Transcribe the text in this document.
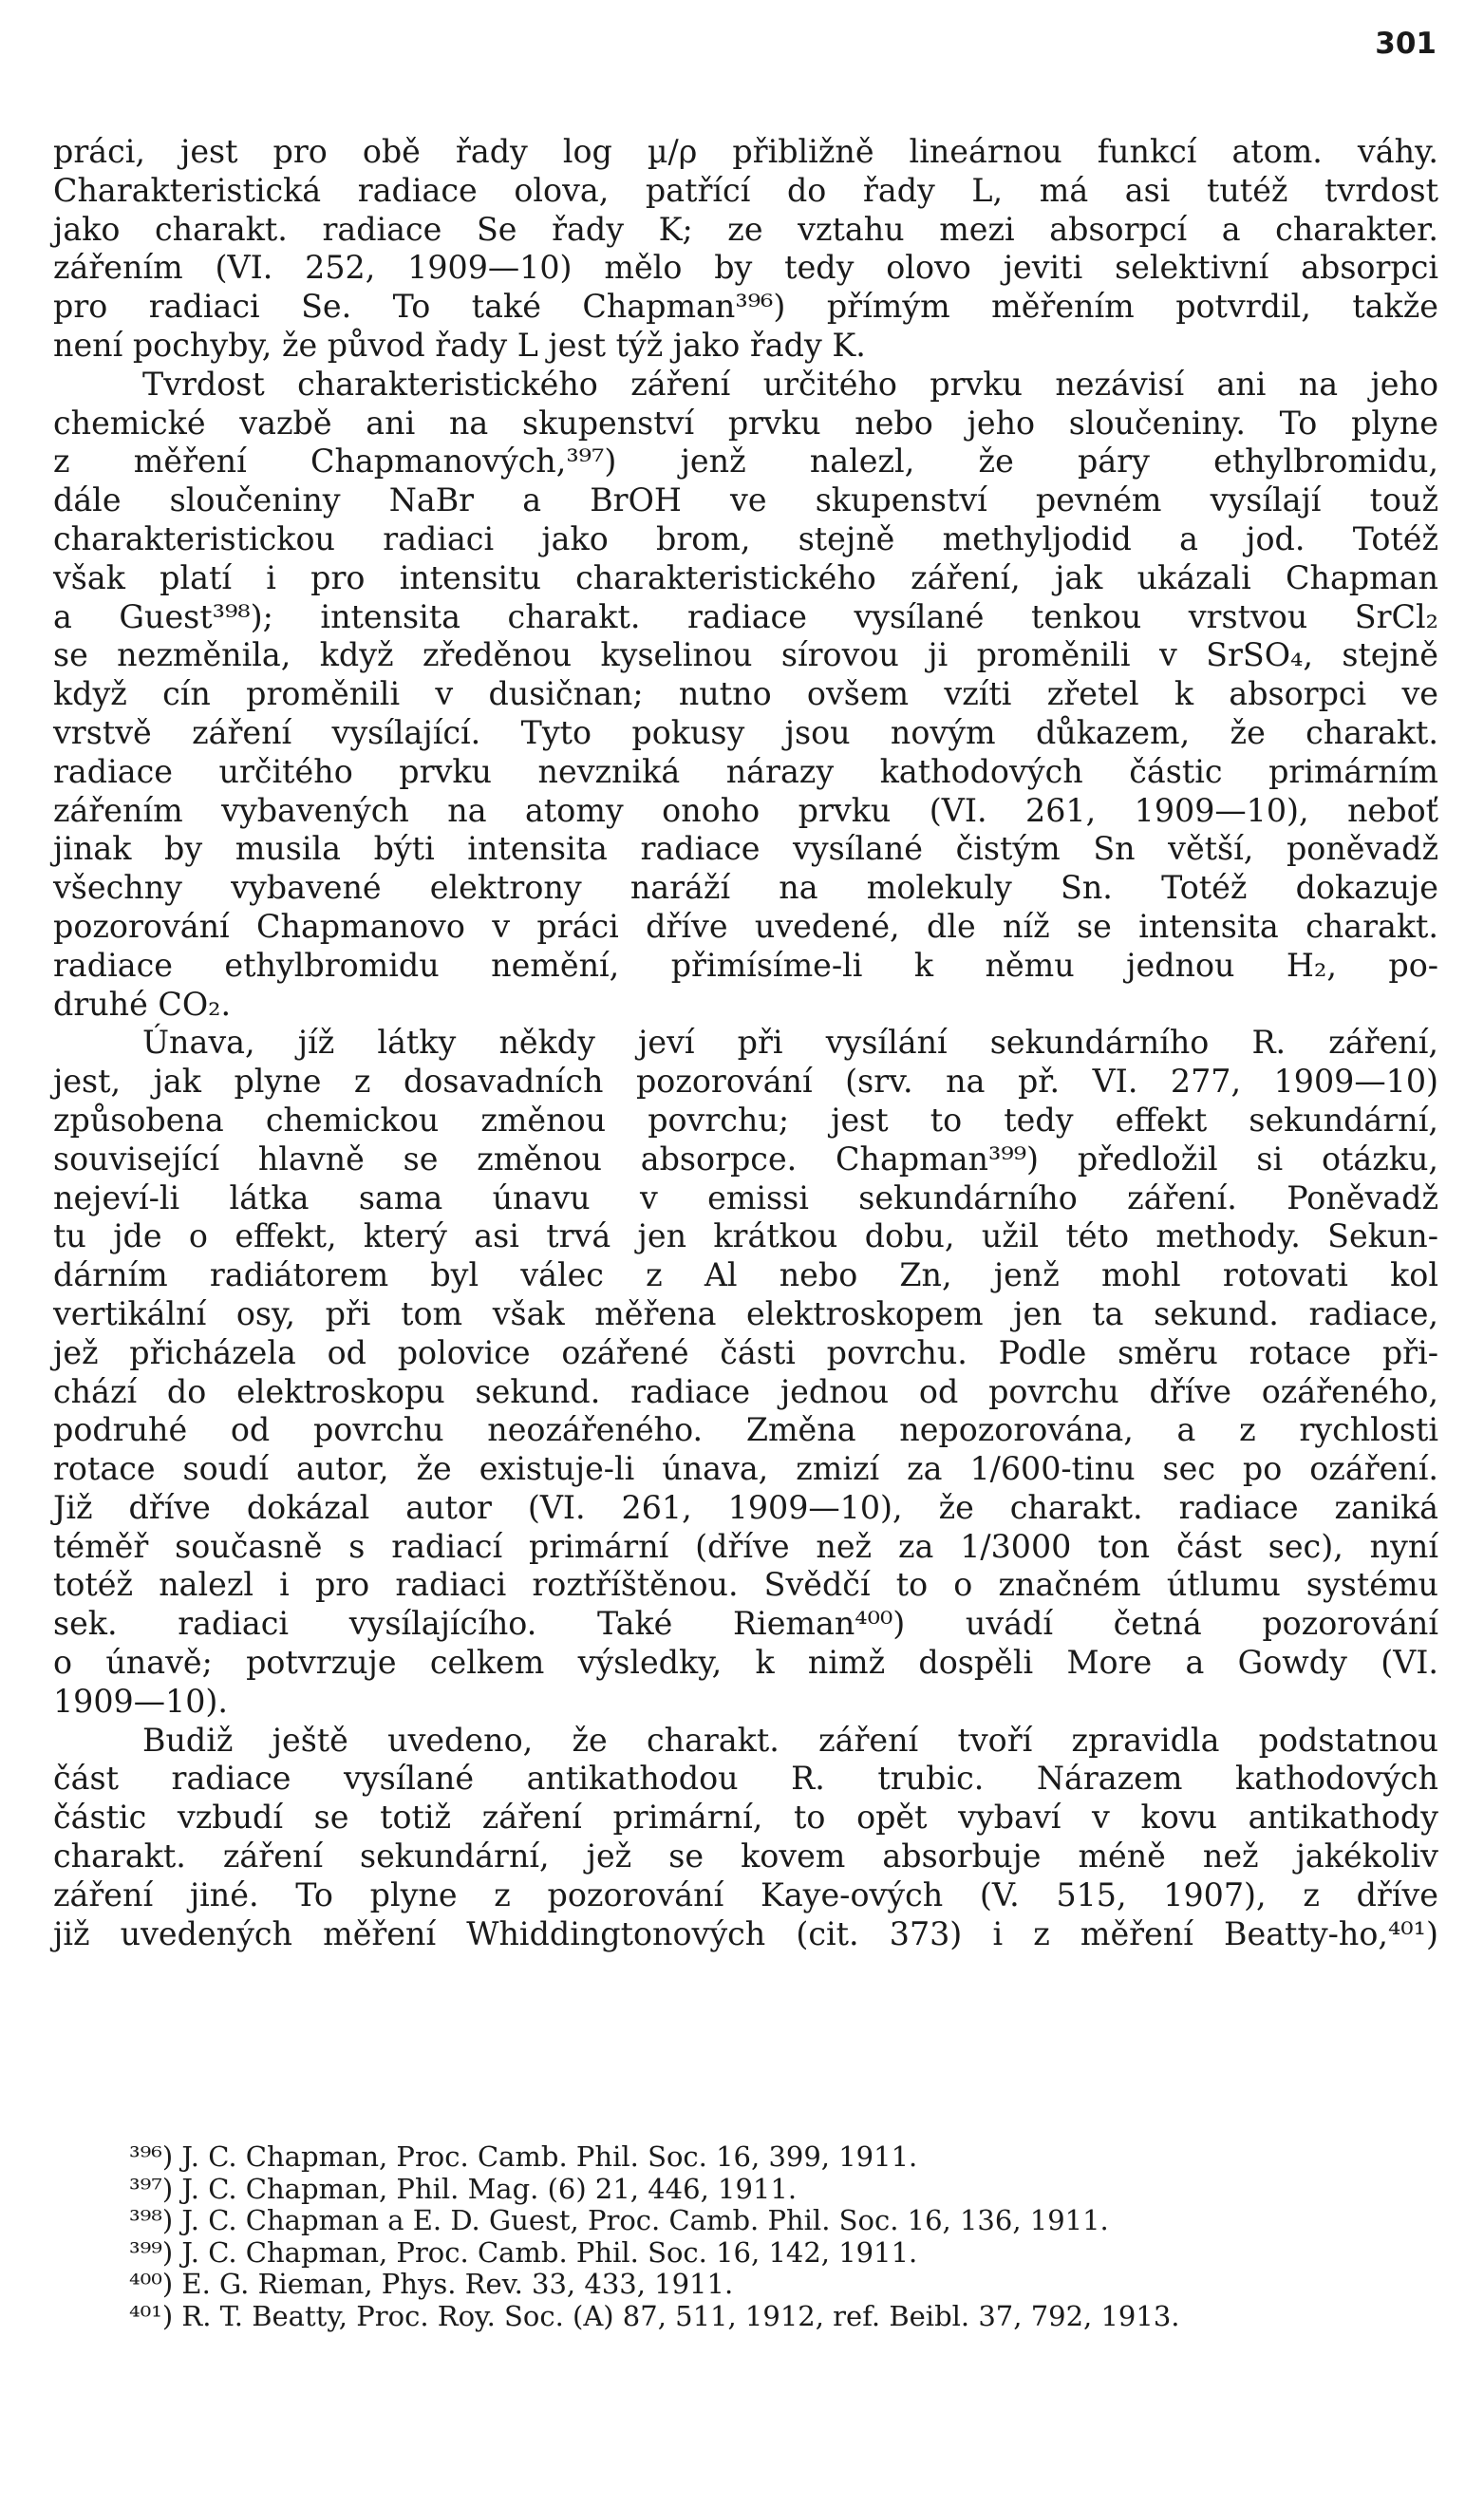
301
práci, jest pro obě řady log µ/ρ přibližně lineárnou funkcí atom. váhy.
Charakteristická radiace olova, patřící do řady L, má asi tutéž tvrdost
jako charakt. radiace Se řady K; ze vztahu mezi absorpcí a charakter.
zářením (VI. 252, 1909—10) mělo by tedy olovo jeviti selektivní absorpci
pro radiaci Se. To také Chapman³⁹⁶) přímým měřením potvrdil, takže
není pochyby, že původ řady L jest týž jako řady K.
Tvrdost charakteristického záření určitého prvku nezávisí ani na jeho
chemické vazbě ani na skupenství prvku nebo jeho sloučeniny. To plyne
z měření Chapmanových,³⁹⁷) jenž nalezl, že páry ethylbromidu,
dále sloučeniny NaBr a BrOH ve skupenství pevném vysílají touž
charakteristickou radiaci jako brom, stejně methyljodid a jod. Totéž
však platí i pro intensitu charakteristického záření, jak ukázali Chapman
a Guest³⁹⁸); intensita charakt. radiace vysílané tenkou vrstvou SrCl₂
se nezměnila, když zředěnou kyselinou sírovou ji proměnili v SrSO₄, stejně
když cín proměnili v dusičnan; nutno ovšem vzíti zřetel k absorpci ve
vrstvě záření vysílající. Tyto pokusy jsou novým důkazem, že charakt.
radiace určitého prvku nevzniká nárazy kathodových částic primárním
zářením vybavených na atomy onoho prvku (VI. 261, 1909—10), neboť
jinak by musila býti intensita radiace vysílané čistým Sn větší, poněvadž
všechny vybavené elektrony naráží na molekuly Sn. Totéž dokazuje
pozorování Chapmanovo v práci dříve uvedené, dle níž se intensita charakt.
radiace ethylbromidu nemění, přimísíme-li k němu jednou H₂, po-
druhé CO₂.
Únava, jíž látky někdy jeví při vysílání sekundárního R. záření,
jest, jak plyne z dosavadních pozorování (srv. na př. VI. 277, 1909—10)
způsobena chemickou změnou povrchu; jest to tedy effekt sekundární,
související hlavně se změnou absorpce. Chapman³⁹⁹) předložil si otázku,
nejeví-li látka sama únavu v emissi sekundárního záření. Poněvadž
tu jde o effekt, který asi trvá jen krátkou dobu, užil této methody. Sekun-
dárním radiátorem byl válec z Al nebo Zn, jenž mohl rotovati kol
vertikální osy, při tom však měřena elektroskopem jen ta sekund. radiace,
jež přicházela od polovice ozářené části povrchu. Podle směru rotace při-
chází do elektroskopu sekund. radiace jednou od povrchu dříve ozářeného,
podruhé od povrchu neozářeného. Změna nepozorována, a z rychlosti
rotace soudí autor, že existuje-li únava, zmizí za 1/600-tinu sec po ozáření.
Již dříve dokázal autor (VI. 261, 1909—10), že charakt. radiace zaniká
téměř současně s radiací primární (dříve než za 1/3000 ton část sec), nyní
totéž nalezl i pro radiaci roztříštěnou. Svědčí to o značném útlumu systému
sek. radiaci vysílajícího. Také Rieman⁴⁰⁰) uvádí četná pozorování
o únavě; potvrzuje celkem výsledky, k nimž dospěli More a Gowdy (VI.
1909—10).
Budiž ještě uvedeno, že charakt. záření tvoří zpravidla podstatnou
část radiace vysílané antikathodou R. trubic. Nárazem kathodových
částic vzbudí se totiž záření primární, to opět vybaví v kovu antikathody
charakt. záření sekundární, jež se kovem absorbuje méně než jakékoliv
záření jiné. To plyne z pozorování Kaye-ových (V. 515, 1907), z dříve
již uvedených měření Whiddingtonových (cit. 373) i z měření Beatty-ho,⁴⁰¹)
³⁹⁶) J. C. Chapman, Proc. Camb. Phil. Soc. 16, 399, 1911.
³⁹⁷) J. C. Chapman, Phil. Mag. (6) 21, 446, 1911.
³⁹⁸) J. C. Chapman a E. D. Guest, Proc. Camb. Phil. Soc. 16, 136, 1911.
³⁹⁹) J. C. Chapman, Proc. Camb. Phil. Soc. 16, 142, 1911.
⁴⁰⁰) E. G. Rieman, Phys. Rev. 33, 433, 1911.
⁴⁰¹) R. T. Beatty, Proc. Roy. Soc. (A) 87, 511, 1912, ref. Beibl. 37, 792, 1913.
